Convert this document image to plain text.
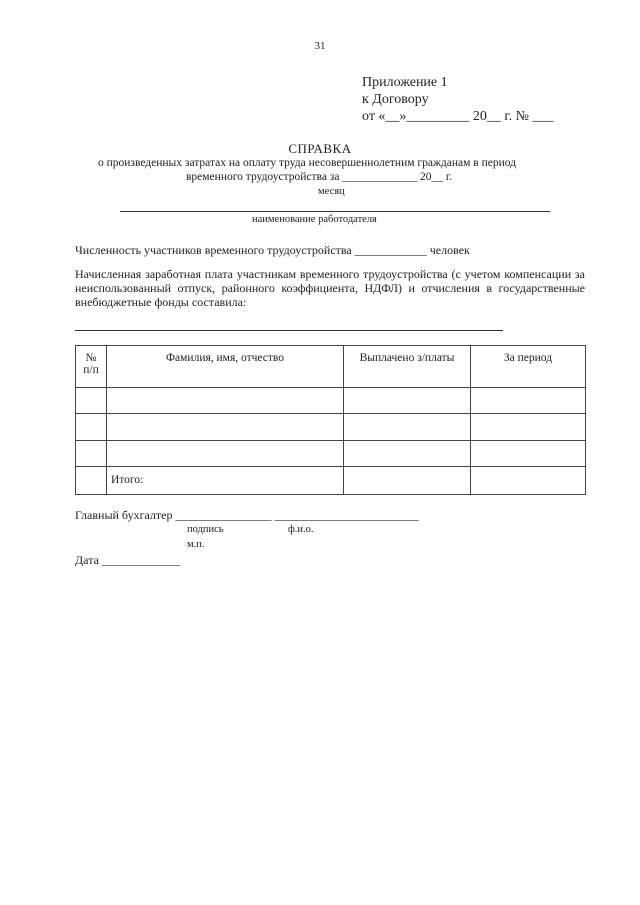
31
Приложение 1
к Договору
от «__»_________ 20__ г. № ___
СПРАВКА
о произведенных затратах на оплату труда несовершеннолетним гражданам в период
временного трудоустройства за _____________ 20__ г.
месяц
наименование работодателя
Численность участников временного трудоустройства ____________ человек
Начисленная заработная плата участникам временного трудоустройства (с учетом компенсации за неиспользованный отпуск, районного коэффициента, НДФЛ) и отчисления в государственные внебюджетные фонды составила:
№ п/п	Фамилия, имя, отчество	Выплачено з/платы	За период

	Итого:		
Главный бухгалтер ________________ ________________________
подпись	ф.и.о.
м.п.
Дата _____________
